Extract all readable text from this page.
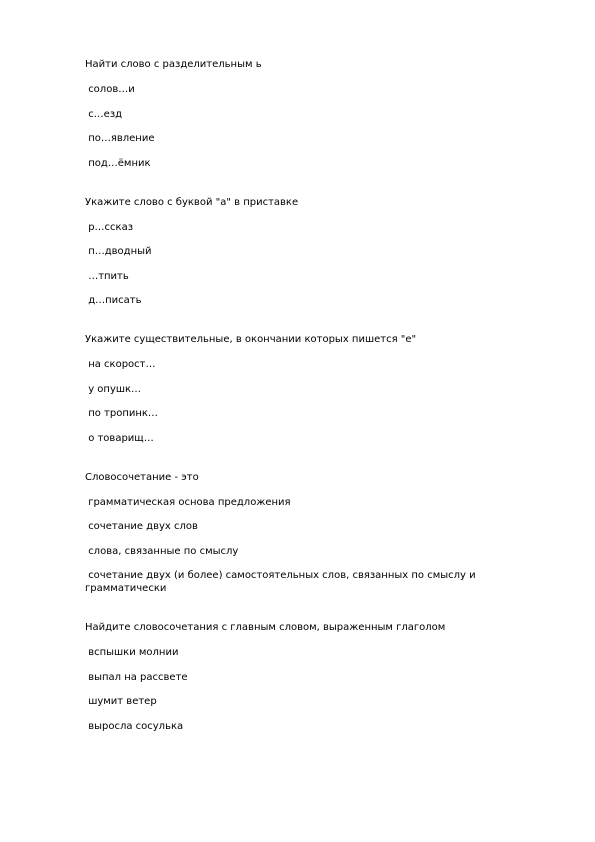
Найти слово с разделительным ь
солов…и
с…езд
по…явление
под…ёмник
Укажите слово с буквой "а" в приставке
р…ссказ
п…дводный
…тпить
д…писать
Укажите существительные, в окончании которых пишется "е"
на скорост…
у опушк…
по тропинк…
о товарищ…
Словосочетание - это
грамматическая основа предложения
сочетание двух слов
слова, связанные по смыслу
сочетание двух (и более) самостоятельных слов, связанных по смыслу и грамматически
Найдите словосочетания с главным словом, выраженным глаголом
вспышки молнии
выпал на рассвете
шумит ветер
выросла сосулька
